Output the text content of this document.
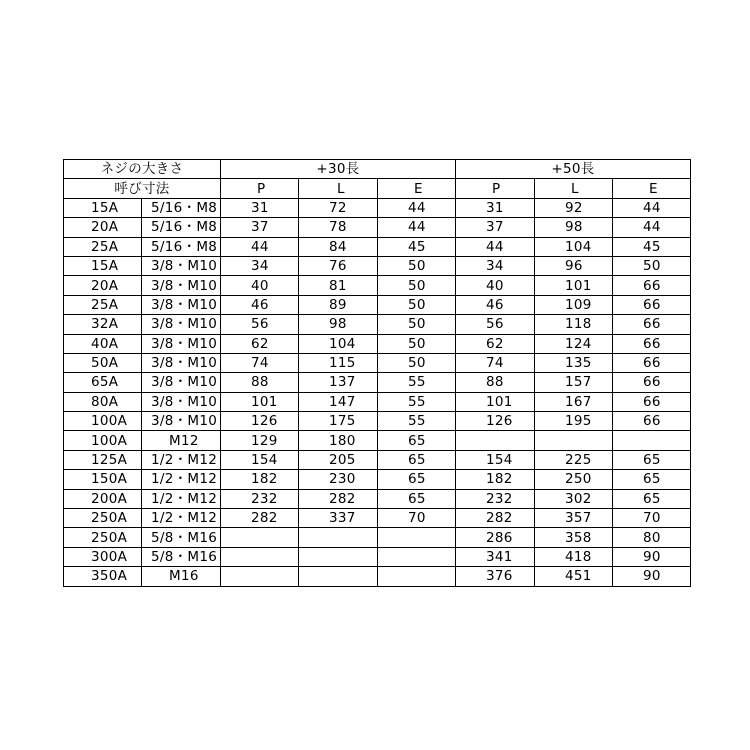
ネジの大きさ		+30長			+50長		
呼び寸法		P	L	E	P	L	E
15A	5/16・M8	31	72	44	31	92	44
20A	5/16・M8	37	78	44	37	98	44
25A	5/16・M8	44	84	45	44	104	45
15A	3/8・M10	34	76	50	34	96	50
20A	3/8・M10	40	81	50	40	101	66
25A	3/8・M10	46	89	50	46	109	66
32A	3/8・M10	56	98	50	56	118	66
40A	3/8・M10	62	104	50	62	124	66
50A	3/8・M10	74	115	50	74	135	66
65A	3/8・M10	88	137	55	88	157	66
80A	3/8・M10	101	147	55	101	167	66
100A	3/8・M10	126	175	55	126	195	66
100A	M12	129	180	65			
125A	1/2・M12	154	205	65	154	225	65
150A	1/2・M12	182	230	65	182	250	65
200A	1/2・M12	232	282	65	232	302	65
250A	1/2・M12	282	337	70	282	357	70
250A	5/8・M16				286	358	80
300A	5/8・M16				341	418	90
350A	M16				376	451	90
